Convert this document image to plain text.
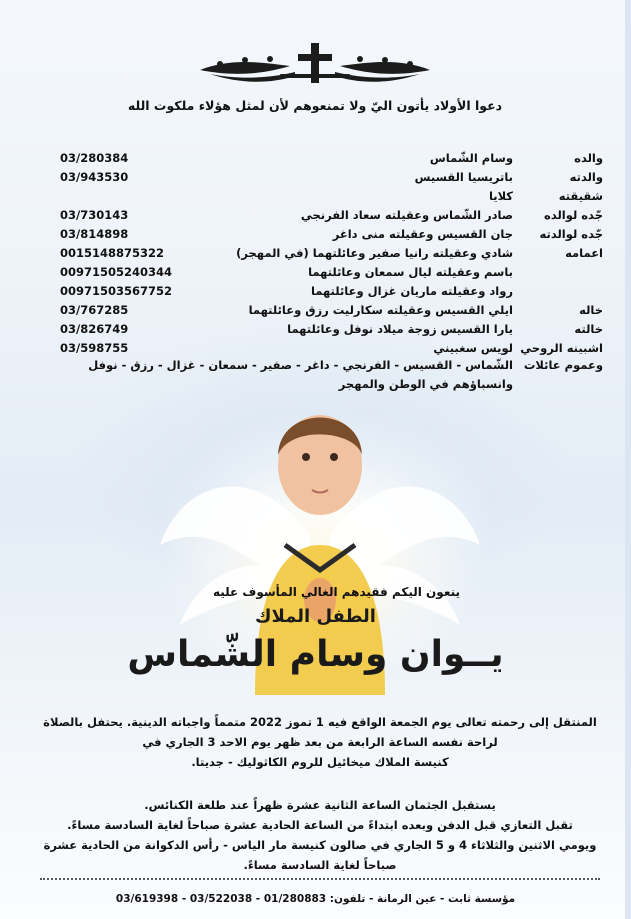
دعوا الأولاد يأتون اليّ ولا تمنعوهم لأن لمثل هؤلاء ملكوت الله
والده
وسام الشّماس
03/280384
والدته
باتريسيا القسيس
03/943530
شقيقته
كلايا
جّده لوالده
صادر الشّماس وعقيلته سعاد الفرنجي
03/730143
جّده لوالدته
جان القسيس وعقيلته منى داغر
03/814898
اعمامه
شادي وعقيلته رانيا صفير وعائلتهما (في المهجر)
0015148875322
باسم وعقيلته ليال سمعان وعائلتهما
00971505240344
رواد وعقيلته ماريان غزال وعائلتهما
00971503567752
خاله
ايلي القسيس وعقيلته سكارليت رزق وعائلتهما
03/767285
خالته
يارا القسيس زوجة ميلاد نوفل وعائلتهما
03/826749
اشبينه الروحي
لويس سغبيني
03/598755
وعموم عائلات
الشّماس - القسيس - الفرنجي - داغر - صفير - سمعان - غزال - رزق - نوفل
وانسباؤهم في الوطن والمهجر
ينعون اليكم فقيدهم الغالي المأسوف عليه
الطفل الملاك
يــوان وسام الشّماس
المنتقل إلى رحمته تعالى يوم الجمعة الواقع فيه 1 تموز 2022 متمماً واجباته الدينية. يحتفل بالصلاة
لراحة نفسه الساعة الرابعة من بعد ظهر يوم الاحد 3 الجاري في
كنيسة الملاك ميخائيل للروم الكاثوليك - جديتا.
يستقبل الجثمان الساعة الثانية عشرة ظهراً عند طلعة الكنائس.
تقبل التعازي قبل الدفن وبعده ابتداءً من الساعة الحادية عشرة صباحاً لغاية السادسة مساءً.
ويومي الاثنين والثلاثاء 4 و 5 الجاري في صالون كنيسة مار الياس - رأس الدكوانة من الحادية عشرة
صباحاً لغاية السادسة مساءً.
مؤسسة ثابت - عين الرمانة - تلفون: 01/280883 - 03/522038 - 03/619398
